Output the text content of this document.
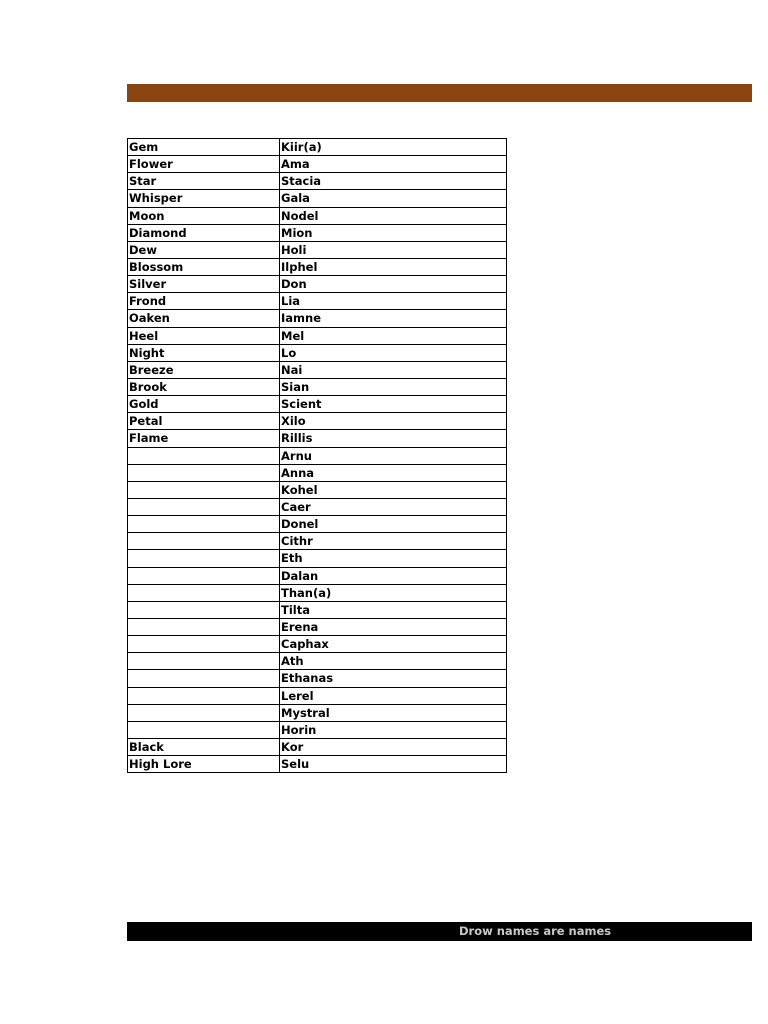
Gem	Kiir(a)
Flower	Ama
Star	Stacia
Whisper	Gala
Moon	Nodel
Diamond	Mion
Dew	Holi
Blossom	Ilphel
Silver	Don
Frond	Lia
Oaken	Iamne
Heel	Mel
Night	Lo
Breeze	Nai
Brook	Sian
Gold	Scient
Petal	Xilo
Flame	Rillis
	Arnu
	Anna
	Kohel
	Caer
	Donel
	Cithr
	Eth
	Dalan
	Than(a)
	Tilta
	Erena
	Caphax
	Ath
	Ethanas
	Lerel
	Mystral
	Horin
Black	Kor
High Lore	Selu
Drow names are names
